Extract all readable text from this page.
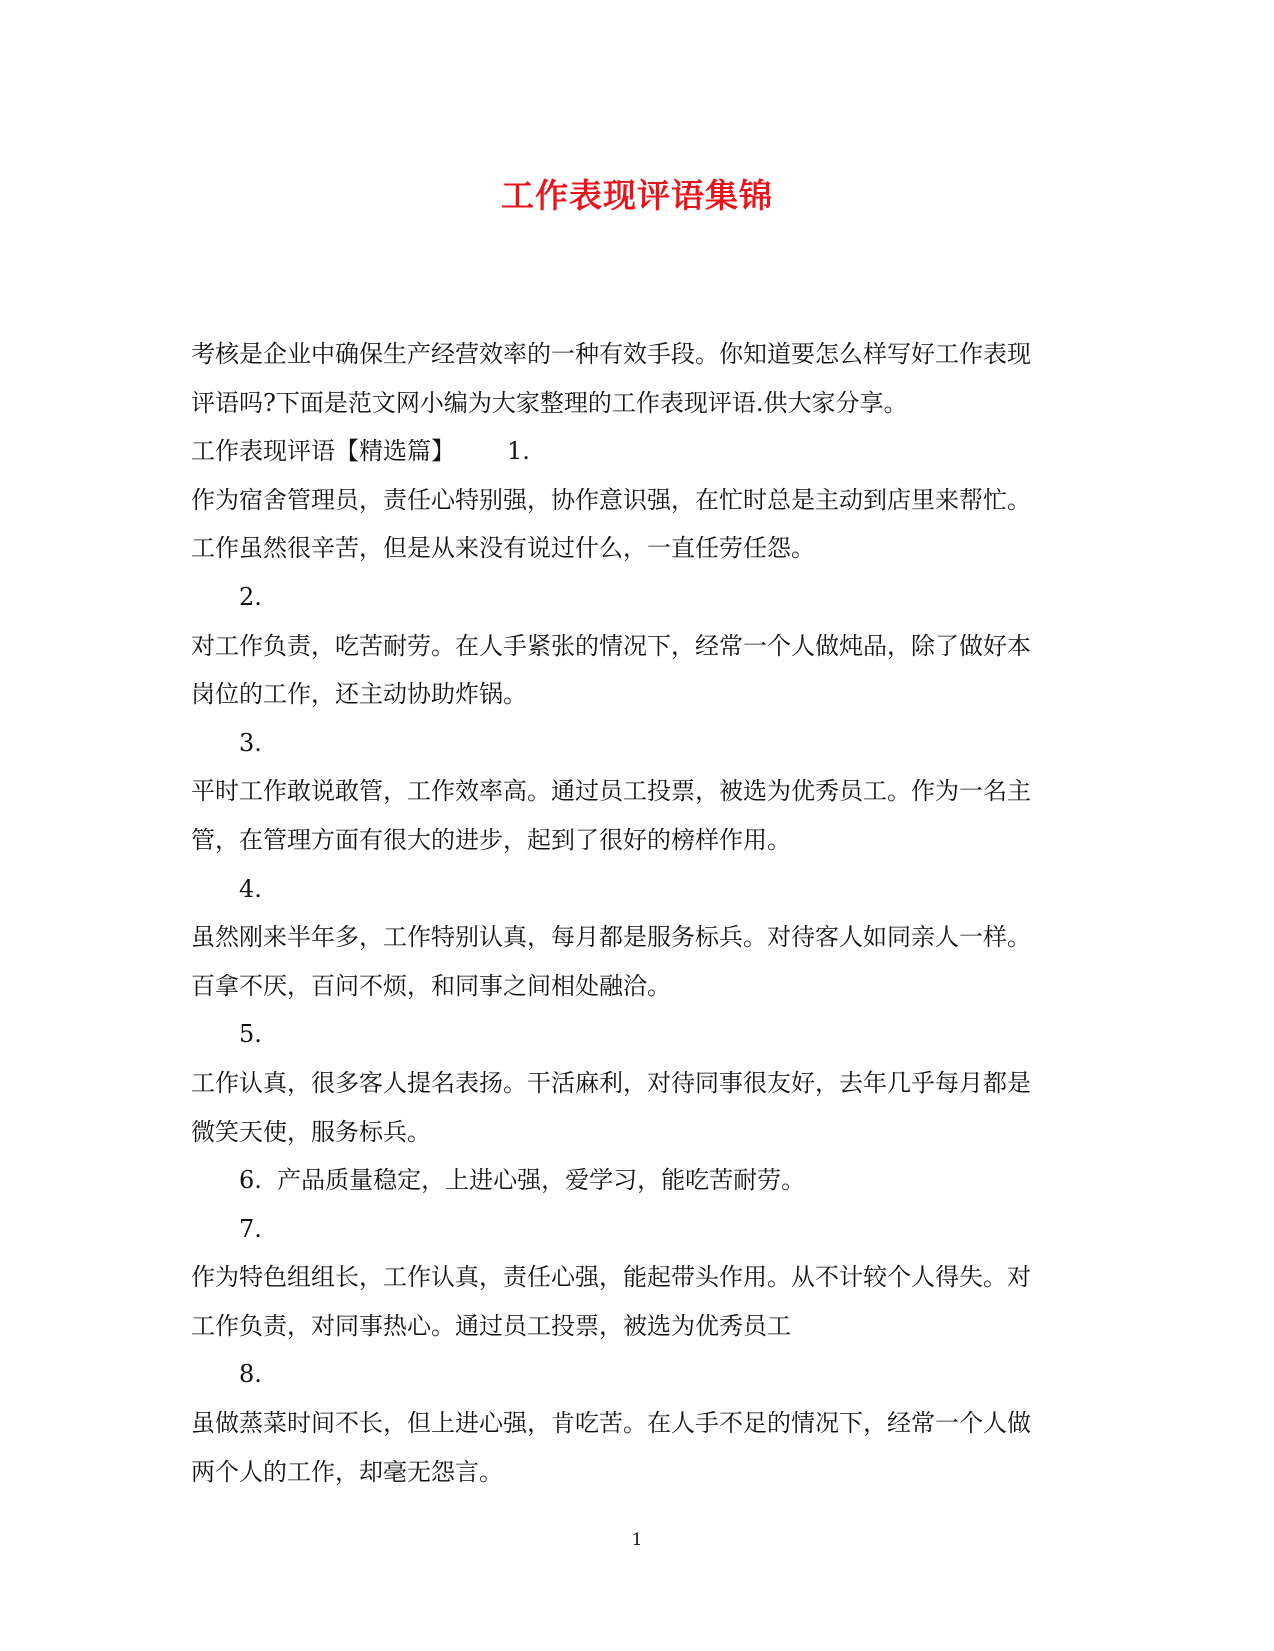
工作表现评语集锦
考核是企业中确保生产经营效率的一种有效手段。你知道要怎么样写好工作表现
评语吗?下面是范文网小编为大家整理的工作表现评语.供大家分享。
工作表现评语【精选篇】 1.
作为宿舍管理员，责任心特别强，协作意识强，在忙时总是主动到店里来帮忙。
工作虽然很辛苦，但是从来没有说过什么，一直任劳任怨。
2.
对工作负责，吃苦耐劳。在人手紧张的情况下，经常一个人做炖品，除了做好本
岗位的工作，还主动协助炸锅。
3.
平时工作敢说敢管，工作效率高。通过员工投票，被选为优秀员工。作为一名主
管，在管理方面有很大的进步，起到了很好的榜样作用。
4.
虽然刚来半年多，工作特别认真，每月都是服务标兵。对待客人如同亲人一样。
百拿不厌，百问不烦，和同事之间相处融洽。
5.
工作认真，很多客人提名表扬。干活麻利，对待同事很友好，去年几乎每月都是
微笑天使，服务标兵。
6. 产品质量稳定，上进心强，爱学习，能吃苦耐劳。
7.
作为特色组组长，工作认真，责任心强，能起带头作用。从不计较个人得失。对
工作负责，对同事热心。通过员工投票，被选为优秀员工
8.
虽做蒸菜时间不长，但上进心强，肯吃苦。在人手不足的情况下，经常一个人做
两个人的工作，却毫无怨言。
1
